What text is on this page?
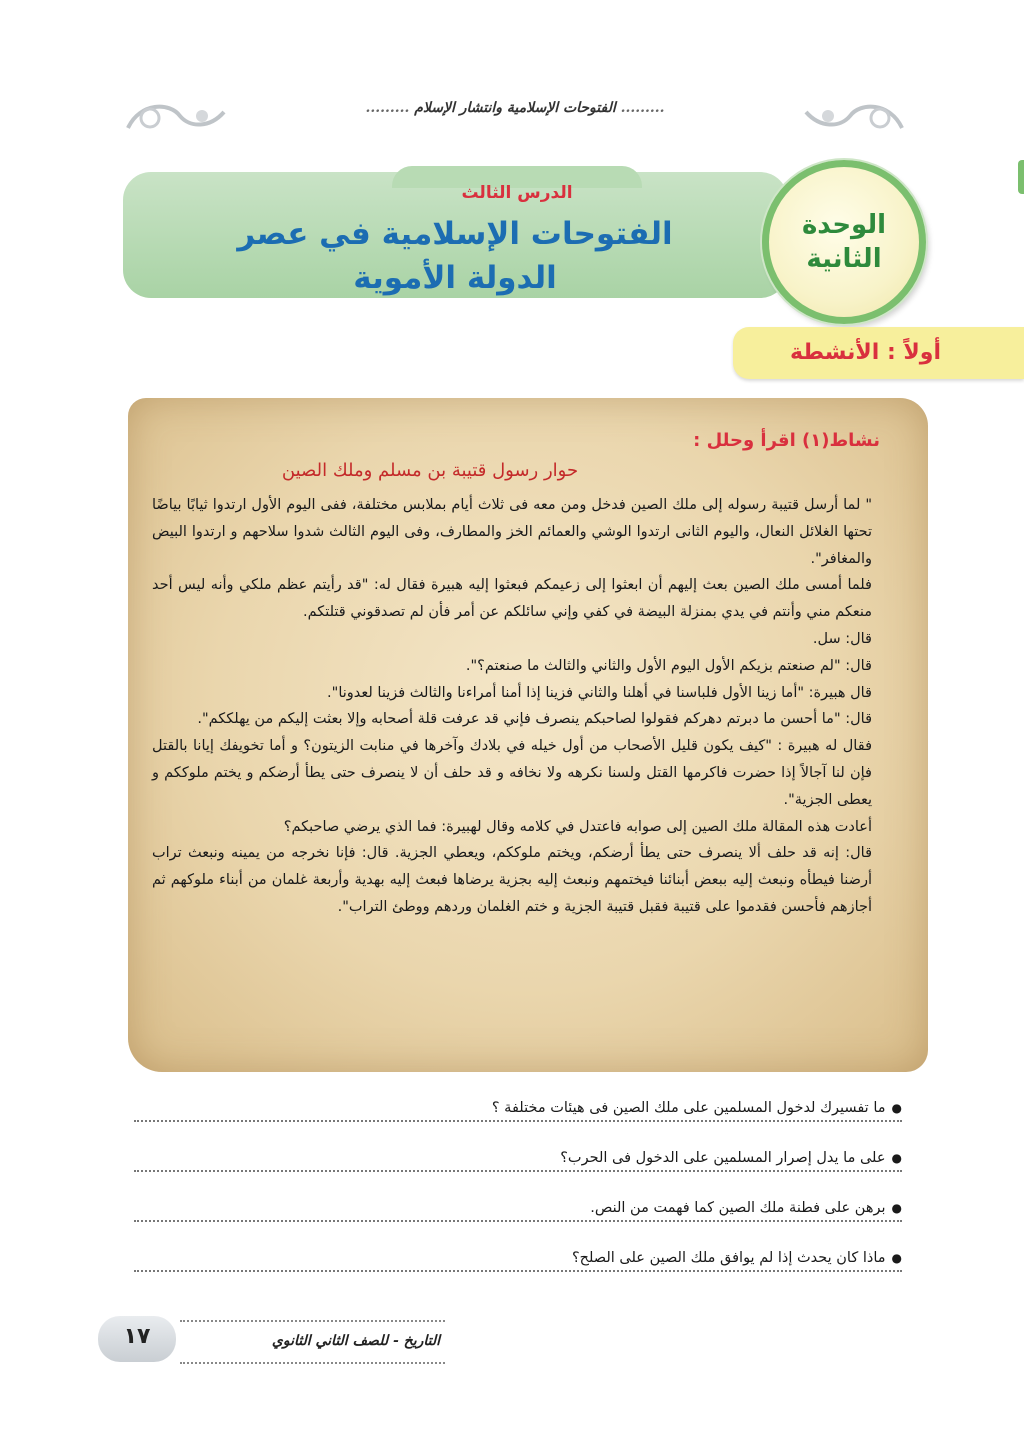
......... الفتوحات الإسلامية وانتشار الإسلام .........
الدرس الثالث
الفتوحات الإسلامية في عصر
الدولة الأموية
الوحدة
الثانية
أولاً : الأنشطة
نشاط(١) اقرأ وحلل :
حوار رسول قتيبة بن مسلم وملك الصين

" لما أرسل قتيبة رسوله إلى ملك الصين فدخل ومن معه فى ثلاث أيام بملابس مختلفة، ففى اليوم الأول ارتدوا ثيابًا بياضًا تحتها الغلائل النعال، واليوم الثانى ارتدوا الوشي والعمائم الخز والمطارف، وفى اليوم الثالث شدوا سلاحهم و ارتدوا البيض والمغافر".

فلما أمسى ملك الصين بعث إليهم أن ابعثوا إلى زعيمكم فبعثوا إليه هبيرة فقال له: "قد رأيتم عظم ملكي وأنه ليس أحد منعكم مني وأنتم في يدي بمنزلة البيضة في كفي وإني سائلكم عن أمر فأن لم تصدقوني قتلتكم.

قال: سل.

قال: "لم صنعتم بزيكم الأول اليوم الأول والثاني والثالث ما صنعتم؟".

قال هبيرة: "أما زينا الأول فلباسنا في أهلنا والثاني فزينا إذا أمنا أمراءنا والثالث فزينا لعدونا".

قال: "ما أحسن ما دبرتم دهركم فقولوا لصاحبكم ينصرف فإني قد عرفت قلة أصحابه وإلا بعثت إليكم من يهلككم".

فقال له هبيرة : "كيف يكون قليل الأصحاب من أول خيله في بلادك وآخرها في منابت الزيتون؟ و أما تخويفك إيانا بالقتل فإن لنا آجالاً إذا حضرت فاكرمها القتل ولسنا نكرهه ولا نخافه و قد حلف أن لا ينصرف حتى يطأ أرضكم و يختم ملوككم و يعطى الجزية".

أعادت هذه المقالة ملك الصين إلى صوابه فاعتدل في كلامه وقال لهبيرة: فما الذي يرضي صاحبكم؟

قال: إنه قد حلف ألا ينصرف حتى يطأ أرضكم، ويختم ملوككم، ويعطي الجزية. قال: فإنا نخرجه من يمينه ونبعث تراب أرضنا فيطأه ونبعث إليه ببعض أبنائنا فيختمهم ونبعث إليه بجزية يرضاها فبعث إليه بهدية وأربعة غلمان من أبناء ملوكهم ثم أجازهم فأحسن فقدموا على قتيبة فقبل قتيبة الجزية و ختم الغلمان وردهم ووطئ التراب".

● ما تفسيرك لدخول المسلمين على ملك الصين فى هيئات مختلفة ؟
● على ما يدل إصرار المسلمين على الدخول فى الحرب؟
● برهن على فطنة ملك الصين كما فهمت من النص.
● ماذا كان يحدث إذا لم يوافق ملك الصين على الصلح؟
١٧	التاريخ - للصف الثاني الثانوي
